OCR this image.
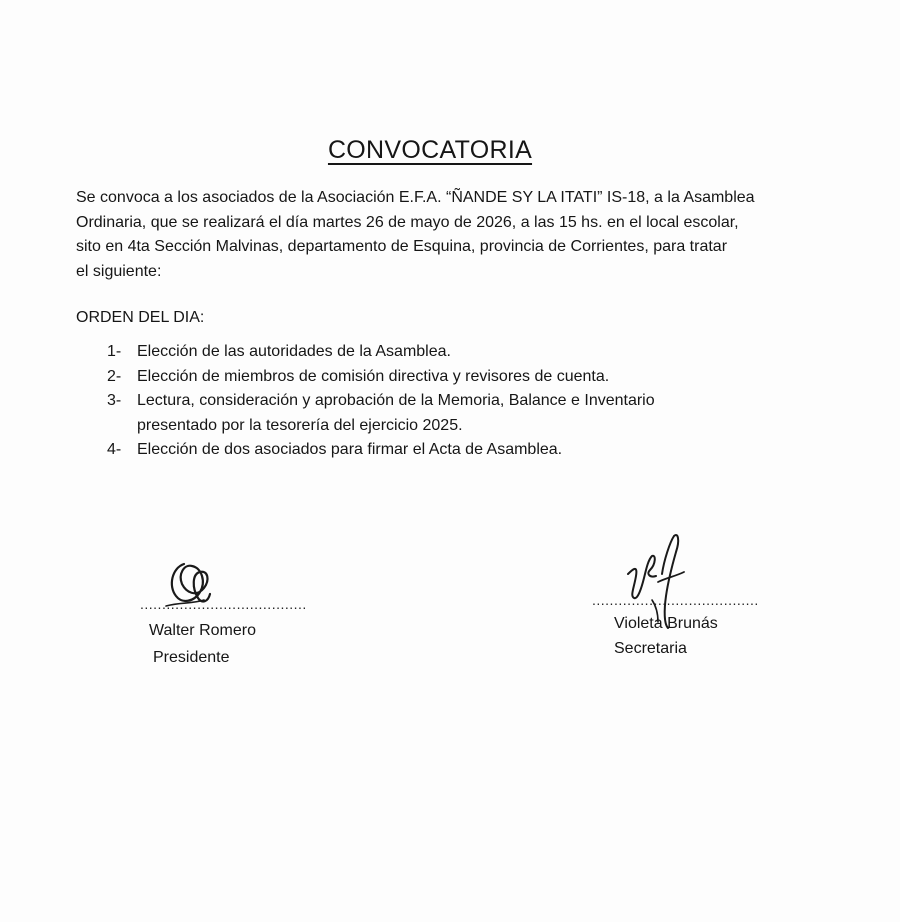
CONVOCATORIA

Se convoca a los asociados de la Asociación E.F.A. “ÑANDE SY LA ITATI” IS-18, a la Asamblea
Ordinaria, que se realizará el día martes 26 de mayo de 2026, a las 15 hs. en el local escolar,
sito en 4ta Sección Malvinas, departamento de Esquina, provincia de Corrientes, para tratar
el siguiente:

ORDEN DEL DIA:

1- Elección de las autoridades de la Asamblea.
2- Elección de miembros de comisión directiva y revisores de cuenta.
3- Lectura, consideración y aprobación de la Memoria, Balance e Inventario
presentado por la tesorería del ejercicio 2025.
4- Elección de dos asociados para firmar el Acta de Asamblea.
......................................
Walter Romero
Presidente
......................................
Violeta Brunás
Secretaria
